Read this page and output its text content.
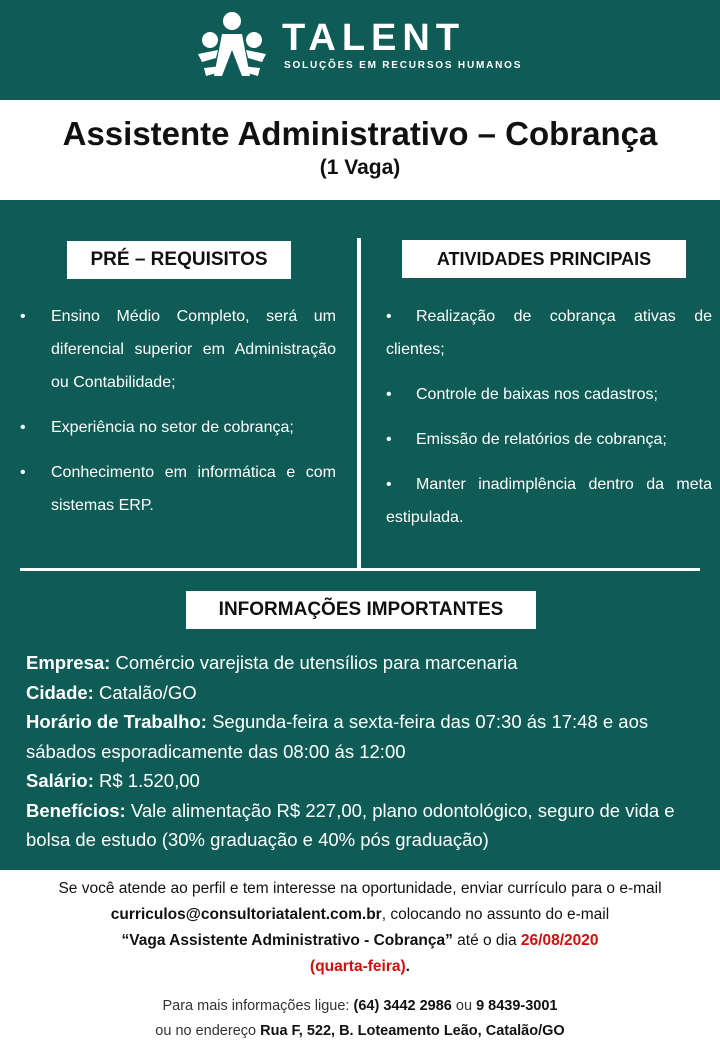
TALENT
SOLUÇÕES EM RECURSOS HUMANOS
Assistente Administrativo – Cobrança
(1 Vaga)
PRÉ – REQUISITOS	ATIVIDADES PRINCIPAIS
• Ensino Médio Completo, será um diferencial superior em Administração ou Contabilidade;
• Experiência no setor de cobrança;
• Conhecimento em informática e com sistemas ERP.
• Realização de cobrança ativas de clientes;
• Controle de baixas nos cadastros;
• Emissão de relatórios de cobrança;
• Manter inadimplência dentro da meta estipulada.
INFORMAÇÕES IMPORTANTES
Empresa: Comércio varejista de utensílios para marcenaria
Cidade: Catalão/GO
Horário de Trabalho: Segunda-feira a sexta-feira das 07:30 ás 17:48 e aos sábados esporadicamente das 08:00 ás 12:00
Salário: R$ 1.520,00
Benefícios: Vale alimentação R$ 227,00, plano odontológico, seguro de vida e bolsa de estudo (30% graduação e 40% pós graduação)
Se você atende ao perfil e tem interesse na oportunidade, enviar currículo para o e-mail curriculos@consultoriatalent.com.br, colocando no assunto do e-mail
“Vaga Assistente Administrativo - Cobrança” até o dia 26/08/2020
(quarta-feira).
Para mais informações ligue: (64) 3442 2986 ou 9 8439-3001
ou no endereço Rua F, 522, B. Loteamento Leão, Catalão/GO
